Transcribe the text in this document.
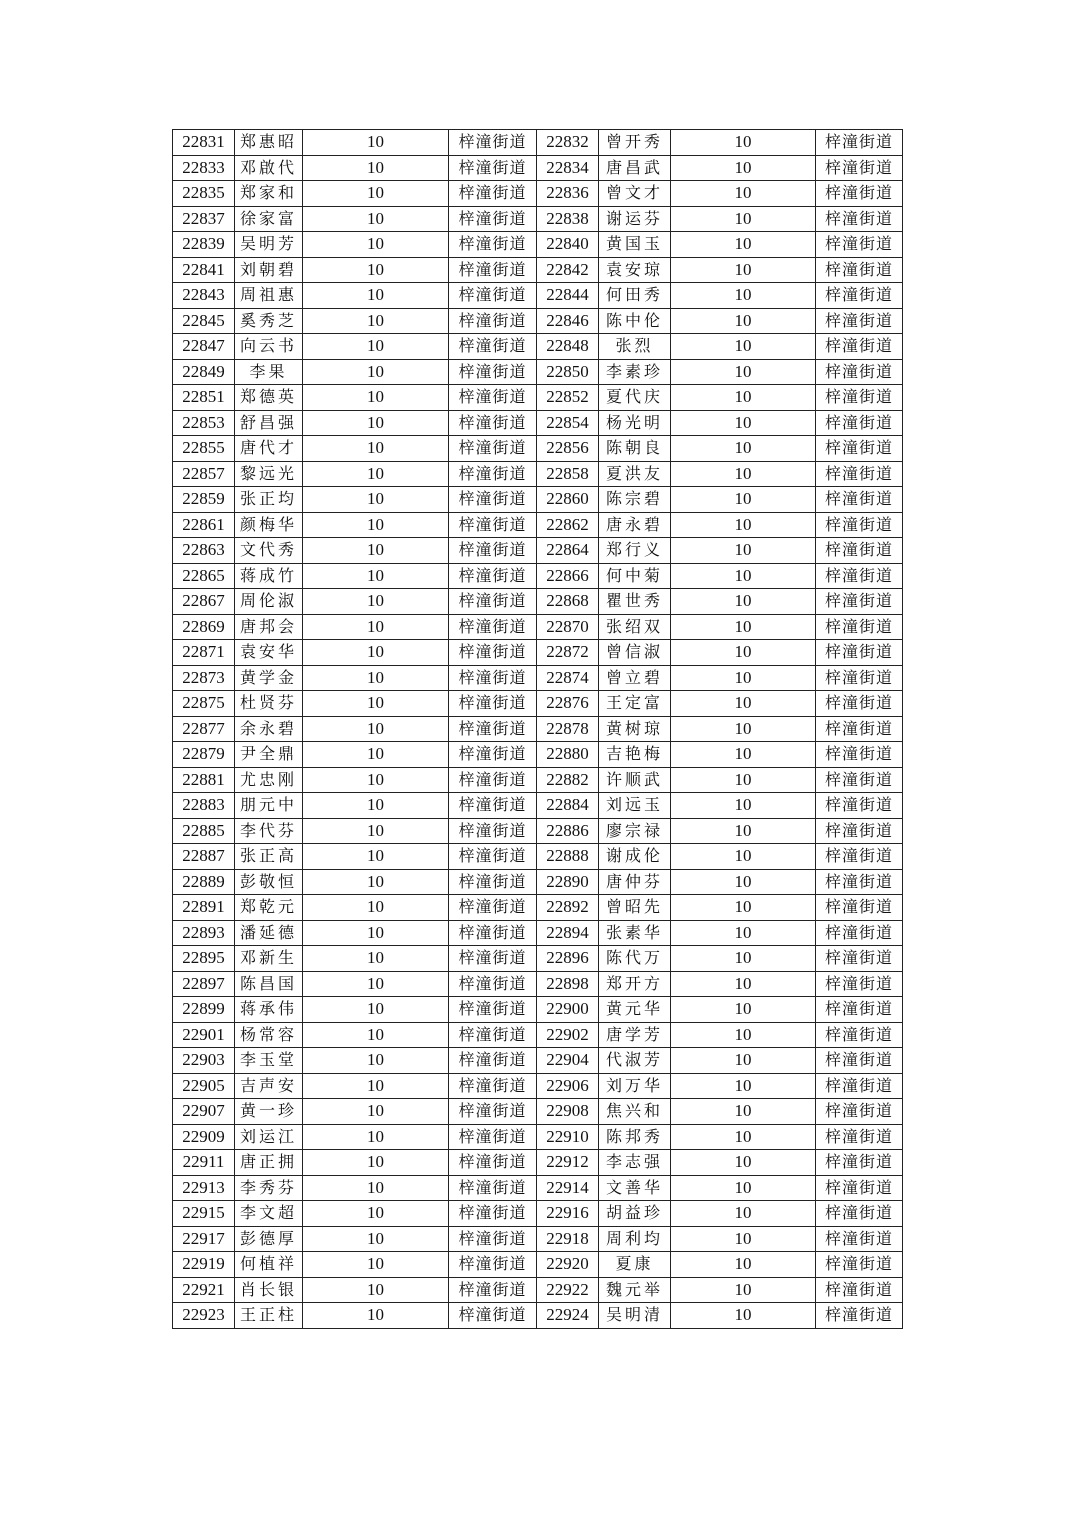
22831	郑惠昭	10	梓潼街道	22832	曾开秀	10	梓潼街道
22833	邓啟代	10	梓潼街道	22834	唐昌武	10	梓潼街道
22835	郑家和	10	梓潼街道	22836	曾文才	10	梓潼街道
22837	徐家富	10	梓潼街道	22838	谢运芬	10	梓潼街道
22839	吴明芳	10	梓潼街道	22840	黄国玉	10	梓潼街道
22841	刘朝碧	10	梓潼街道	22842	袁安琼	10	梓潼街道
22843	周祖惠	10	梓潼街道	22844	何田秀	10	梓潼街道
22845	奚秀芝	10	梓潼街道	22846	陈中伦	10	梓潼街道
22847	向云书	10	梓潼街道	22848	张烈	10	梓潼街道
22849	李果	10	梓潼街道	22850	李素珍	10	梓潼街道
22851	郑德英	10	梓潼街道	22852	夏代庆	10	梓潼街道
22853	舒昌强	10	梓潼街道	22854	杨光明	10	梓潼街道
22855	唐代才	10	梓潼街道	22856	陈朝良	10	梓潼街道
22857	黎远光	10	梓潼街道	22858	夏洪友	10	梓潼街道
22859	张正均	10	梓潼街道	22860	陈宗碧	10	梓潼街道
22861	颜梅华	10	梓潼街道	22862	唐永碧	10	梓潼街道
22863	文代秀	10	梓潼街道	22864	郑行义	10	梓潼街道
22865	蒋成竹	10	梓潼街道	22866	何中菊	10	梓潼街道
22867	周伦淑	10	梓潼街道	22868	瞿世秀	10	梓潼街道
22869	唐邦会	10	梓潼街道	22870	张绍双	10	梓潼街道
22871	袁安华	10	梓潼街道	22872	曾信淑	10	梓潼街道
22873	黄学金	10	梓潼街道	22874	曾立碧	10	梓潼街道
22875	杜贤芬	10	梓潼街道	22876	王定富	10	梓潼街道
22877	余永碧	10	梓潼街道	22878	黄树琼	10	梓潼街道
22879	尹全鼎	10	梓潼街道	22880	吉艳梅	10	梓潼街道
22881	尤忠刚	10	梓潼街道	22882	许顺武	10	梓潼街道
22883	朋元中	10	梓潼街道	22884	刘远玉	10	梓潼街道
22885	李代芬	10	梓潼街道	22886	廖宗禄	10	梓潼街道
22887	张正高	10	梓潼街道	22888	谢成伦	10	梓潼街道
22889	彭敬恒	10	梓潼街道	22890	唐仲芬	10	梓潼街道
22891	郑乾元	10	梓潼街道	22892	曾昭先	10	梓潼街道
22893	潘延德	10	梓潼街道	22894	张素华	10	梓潼街道
22895	邓新生	10	梓潼街道	22896	陈代万	10	梓潼街道
22897	陈昌国	10	梓潼街道	22898	郑开方	10	梓潼街道
22899	蒋承伟	10	梓潼街道	22900	黄元华	10	梓潼街道
22901	杨常容	10	梓潼街道	22902	唐学芳	10	梓潼街道
22903	李玉堂	10	梓潼街道	22904	代淑芳	10	梓潼街道
22905	吉声安	10	梓潼街道	22906	刘万华	10	梓潼街道
22907	黄一珍	10	梓潼街道	22908	焦兴和	10	梓潼街道
22909	刘运江	10	梓潼街道	22910	陈邦秀	10	梓潼街道
22911	唐正拥	10	梓潼街道	22912	李志强	10	梓潼街道
22913	李秀芬	10	梓潼街道	22914	文善华	10	梓潼街道
22915	李文超	10	梓潼街道	22916	胡益珍	10	梓潼街道
22917	彭德厚	10	梓潼街道	22918	周利均	10	梓潼街道
22919	何植祥	10	梓潼街道	22920	夏康	10	梓潼街道
22921	肖长银	10	梓潼街道	22922	魏元举	10	梓潼街道
22923	王正柱	10	梓潼街道	22924	吴明清	10	梓潼街道
